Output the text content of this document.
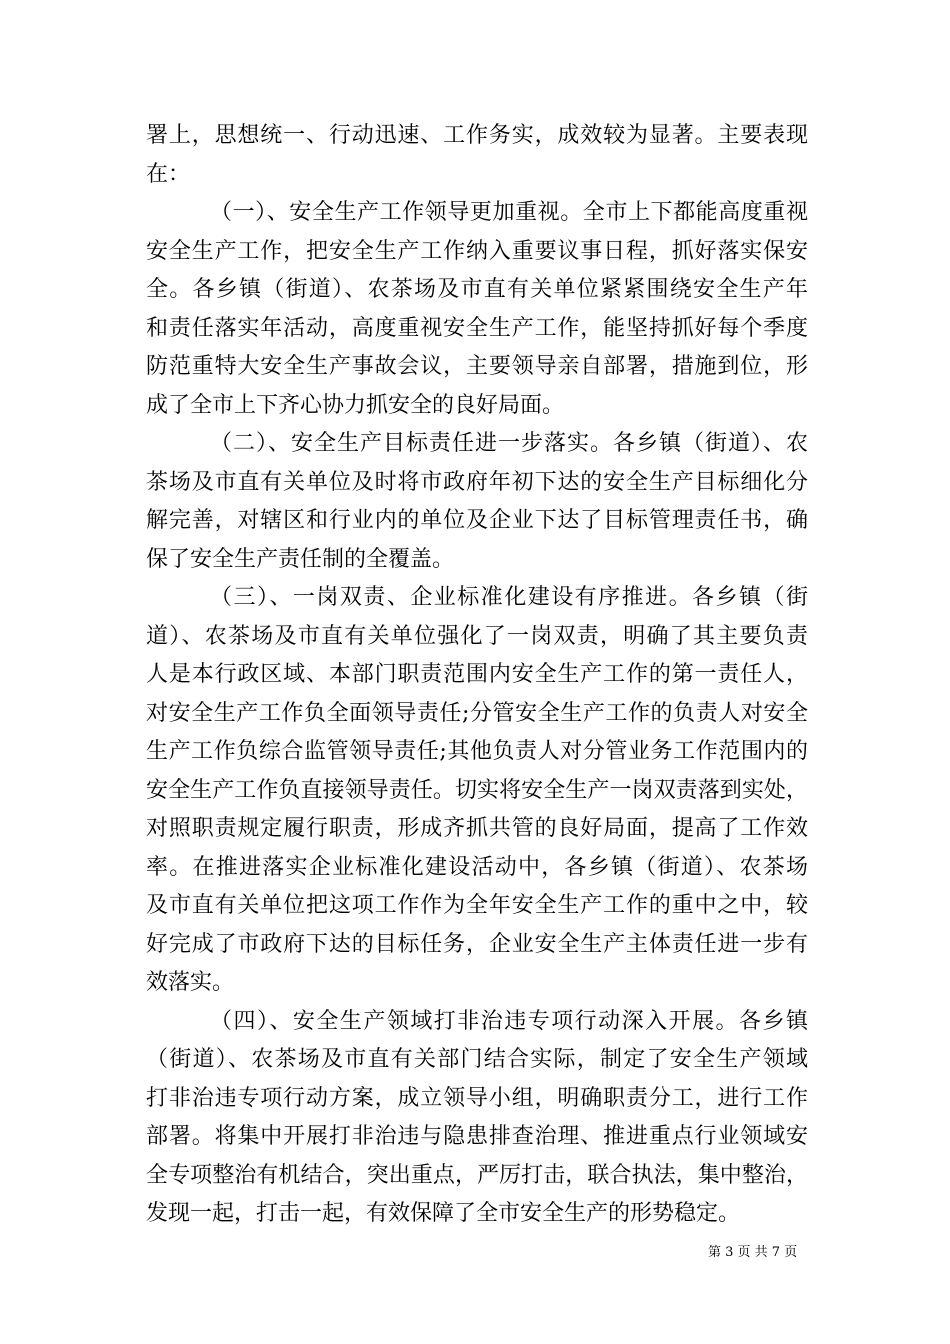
署上，思想统一、行动迅速、工作务实，成效较为显著。主要表现
在：
（一）、安全生产工作领导更加重视。全市上下都能高度重视
安全生产工作，把安全生产工作纳入重要议事日程，抓好落实保安
全。各乡镇（街道）、农茶场及市直有关单位紧紧围绕安全生产年
和责任落实年活动，高度重视安全生产工作，能坚持抓好每个季度
防范重特大安全生产事故会议，主要领导亲自部署，措施到位，形
成了全市上下齐心协力抓安全的良好局面。
（二）、安全生产目标责任进一步落实。各乡镇（街道）、农
茶场及市直有关单位及时将市政府年初下达的安全生产目标细化分
解完善，对辖区和行业内的单位及企业下达了目标管理责任书，确
保了安全生产责任制的全覆盖。
（三）、一岗双责、企业标准化建设有序推进。各乡镇（街
道）、农茶场及市直有关单位强化了一岗双责，明确了其主要负责
人是本行政区域、本部门职责范围内安全生产工作的第一责任人，
对安全生产工作负全面领导责任;分管安全生产工作的负责人对安全
生产工作负综合监管领导责任;其他负责人对分管业务工作范围内的
安全生产工作负直接领导责任。切实将安全生产一岗双责落到实处，
对照职责规定履行职责，形成齐抓共管的良好局面，提高了工作效
率。在推进落实企业标准化建设活动中，各乡镇（街道）、农茶场
及市直有关单位把这项工作作为全年安全生产工作的重中之中，较
好完成了市政府下达的目标任务，企业安全生产主体责任进一步有
效落实。
（四）、安全生产领域打非治违专项行动深入开展。各乡镇
（街道）、农茶场及市直有关部门结合实际，制定了安全生产领域
打非治违专项行动方案，成立领导小组，明确职责分工，进行工作
部署。将集中开展打非治违与隐患排查治理、推进重点行业领域安
全专项整治有机结合，突出重点，严厉打击，联合执法，集中整治，
发现一起，打击一起，有效保障了全市安全生产的形势稳定。
第 3 页 共 7 页
